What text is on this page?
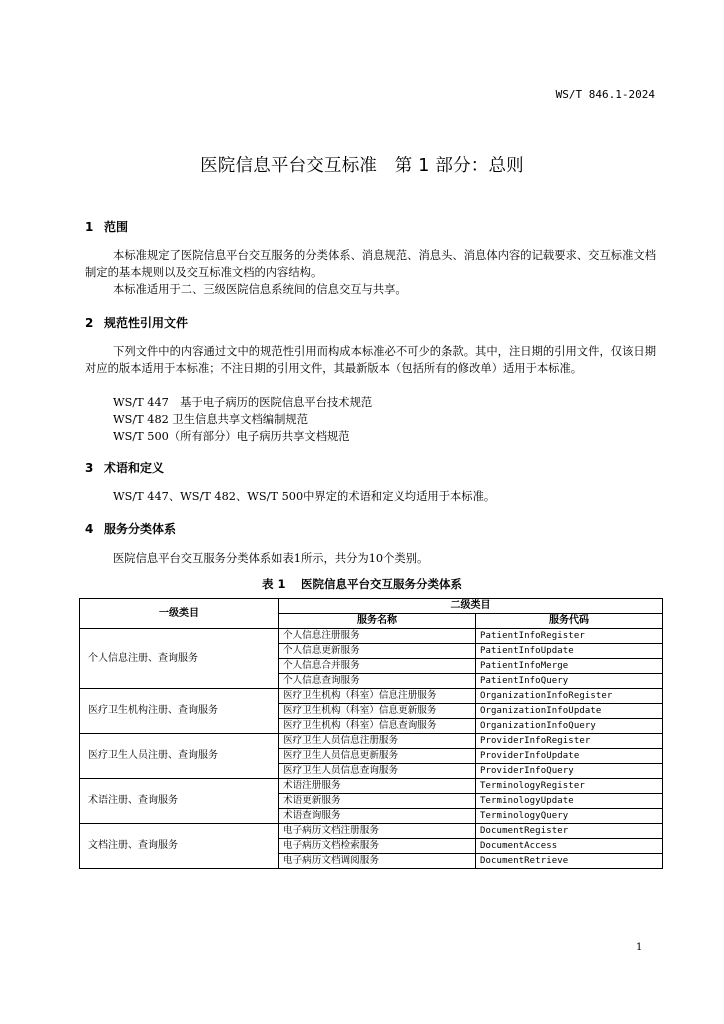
WS/T 846.1-2024
医院信息平台交互标准　第 1 部分：总则
1 范围
本标准规定了医院信息平台交互服务的分类体系、消息规范、消息头、消息体内容的记载要求、交互标准文档制定的基本规则以及交互标准文档的内容结构。
本标准适用于二、三级医院信息系统间的信息交互与共享。
2 规范性引用文件
下列文件中的内容通过文中的规范性引用而构成本标准必不可少的条款。其中，注日期的引用文件，仅该日期对应的版本适用于本标准；不注日期的引用文件，其最新版本（包括所有的修改单）适用于本标准。
WS/T 447　基于电子病历的医院信息平台技术规范
WS/T 482 卫生信息共享文档编制规范
WS/T 500（所有部分）电子病历共享文档规范
3 术语和定义
WS/T 447、WS/T 482、WS/T 500中界定的术语和定义均适用于本标准。
4 服务分类体系
医院信息平台交互服务分类体系如表1所示，共分为10个类别。
表 1　 医院信息平台交互服务分类体系
一级类目	二级类目	
	服务名称	服务代码
个人信息注册、查询服务	个人信息注册服务	PatientInfoRegister
	个人信息更新服务	PatientInfoUpdate
	个人信息合并服务	PatientInfoMerge
	个人信息查询服务	PatientInfoQuery
医疗卫生机构注册、查询服务	医疗卫生机构（科室）信息注册服务	OrganizationInfoRegister
	医疗卫生机构（科室）信息更新服务	OrganizationInfoUpdate
	医疗卫生机构（科室）信息查询服务	OrganizationInfoQuery
医疗卫生人员注册、查询服务	医疗卫生人员信息注册服务	ProviderInfoRegister
	医疗卫生人员信息更新服务	ProviderInfoUpdate
	医疗卫生人员信息查询服务	ProviderInfoQuery
术语注册、查询服务	术语注册服务	TerminologyRegister
	术语更新服务	TerminologyUpdate
	术语查询服务	TerminologyQuery
文档注册、查询服务	电子病历文档注册服务	DocumentRegister
	电子病历文档检索服务	DocumentAccess
	电子病历文档调阅服务	DocumentRetrieve
1
